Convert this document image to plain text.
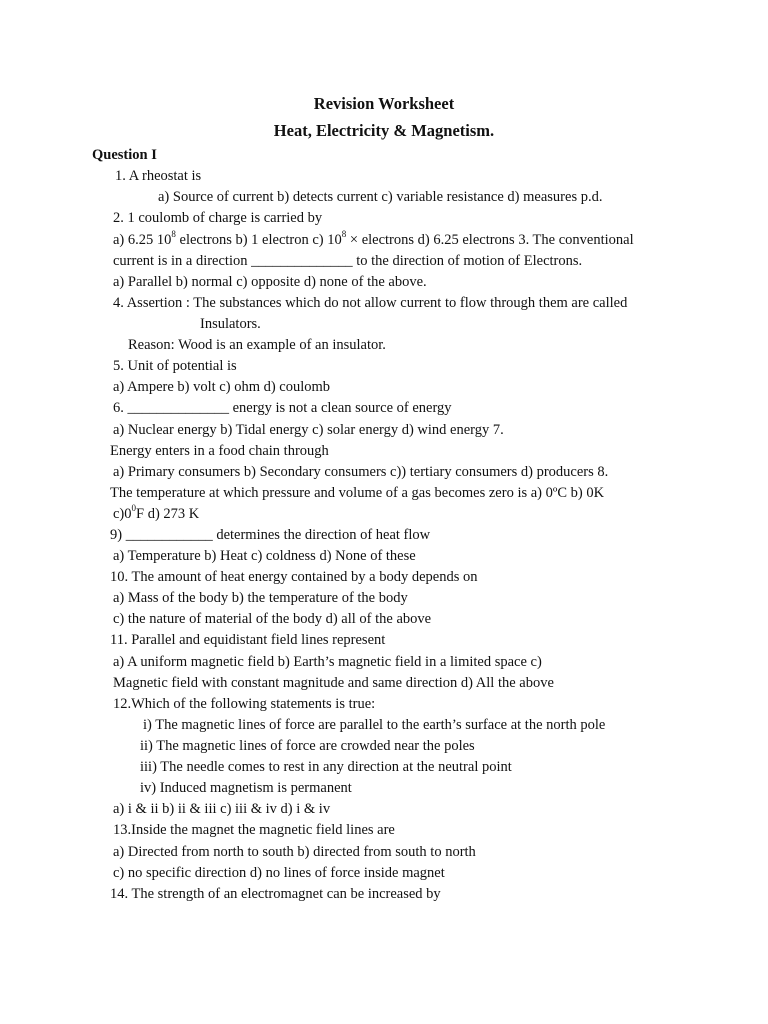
Revision Worksheet
Heat, Electricity & Magnetism.
Question I
1. A rheostat is
a) Source of current b) detects current c) variable resistance d) measures p.d.
2. 1 coulomb of charge is carried by
a) 6.25 $10^8$ electrons b) 1 electron c) $10^8$ × electrons d) 6.25 electrons 3. The conventional
current is in a direction ______________ to the direction of motion of Electrons.
a) Parallel b) normal c) opposite d) none of the above.
4. Assertion : The substances which do not allow current to flow through them are called
Insulators.
Reason: Wood is an example of an insulator.
5. Unit of potential is
a) Ampere b) volt c) ohm d) coulomb
6. ______________ energy is not a clean source of energy
a) Nuclear energy b) Tidal energy c) solar energy d) wind energy 7.
Energy enters in a food chain through
a) Primary consumers b) Secondary consumers c)) tertiary consumers d) producers 8.
The temperature at which pressure and volume of a gas becomes zero is a) 0ºC b) 0K
$c)0^0F$ d) 273 K
9) ____________ determines the direction of heat flow
a) Temperature b) Heat c) coldness d) None of these
10. The amount of heat energy contained by a body depends on
a) Mass of the body b) the temperature of the body
c) the nature of material of the body d) all of the above
11. Parallel and equidistant field lines represent
a) A uniform magnetic field b) Earth’s magnetic field in a limited space c)
Magnetic field with constant magnitude and same direction d) All the above
12.Which of the following statements is true:
i) The magnetic lines of force are parallel to the earth’s surface at the north pole
ii) The magnetic lines of force are crowded near the poles
iii) The needle comes to rest in any direction at the neutral point
iv) Induced magnetism is permanent
a) i & ii b) ii & iii c) iii & iv d) i & iv
13.Inside the magnet the magnetic field lines are
a) Directed from north to south b) directed from south to north
c) no specific direction d) no lines of force inside magnet
14. The strength of an electromagnet can be increased by
